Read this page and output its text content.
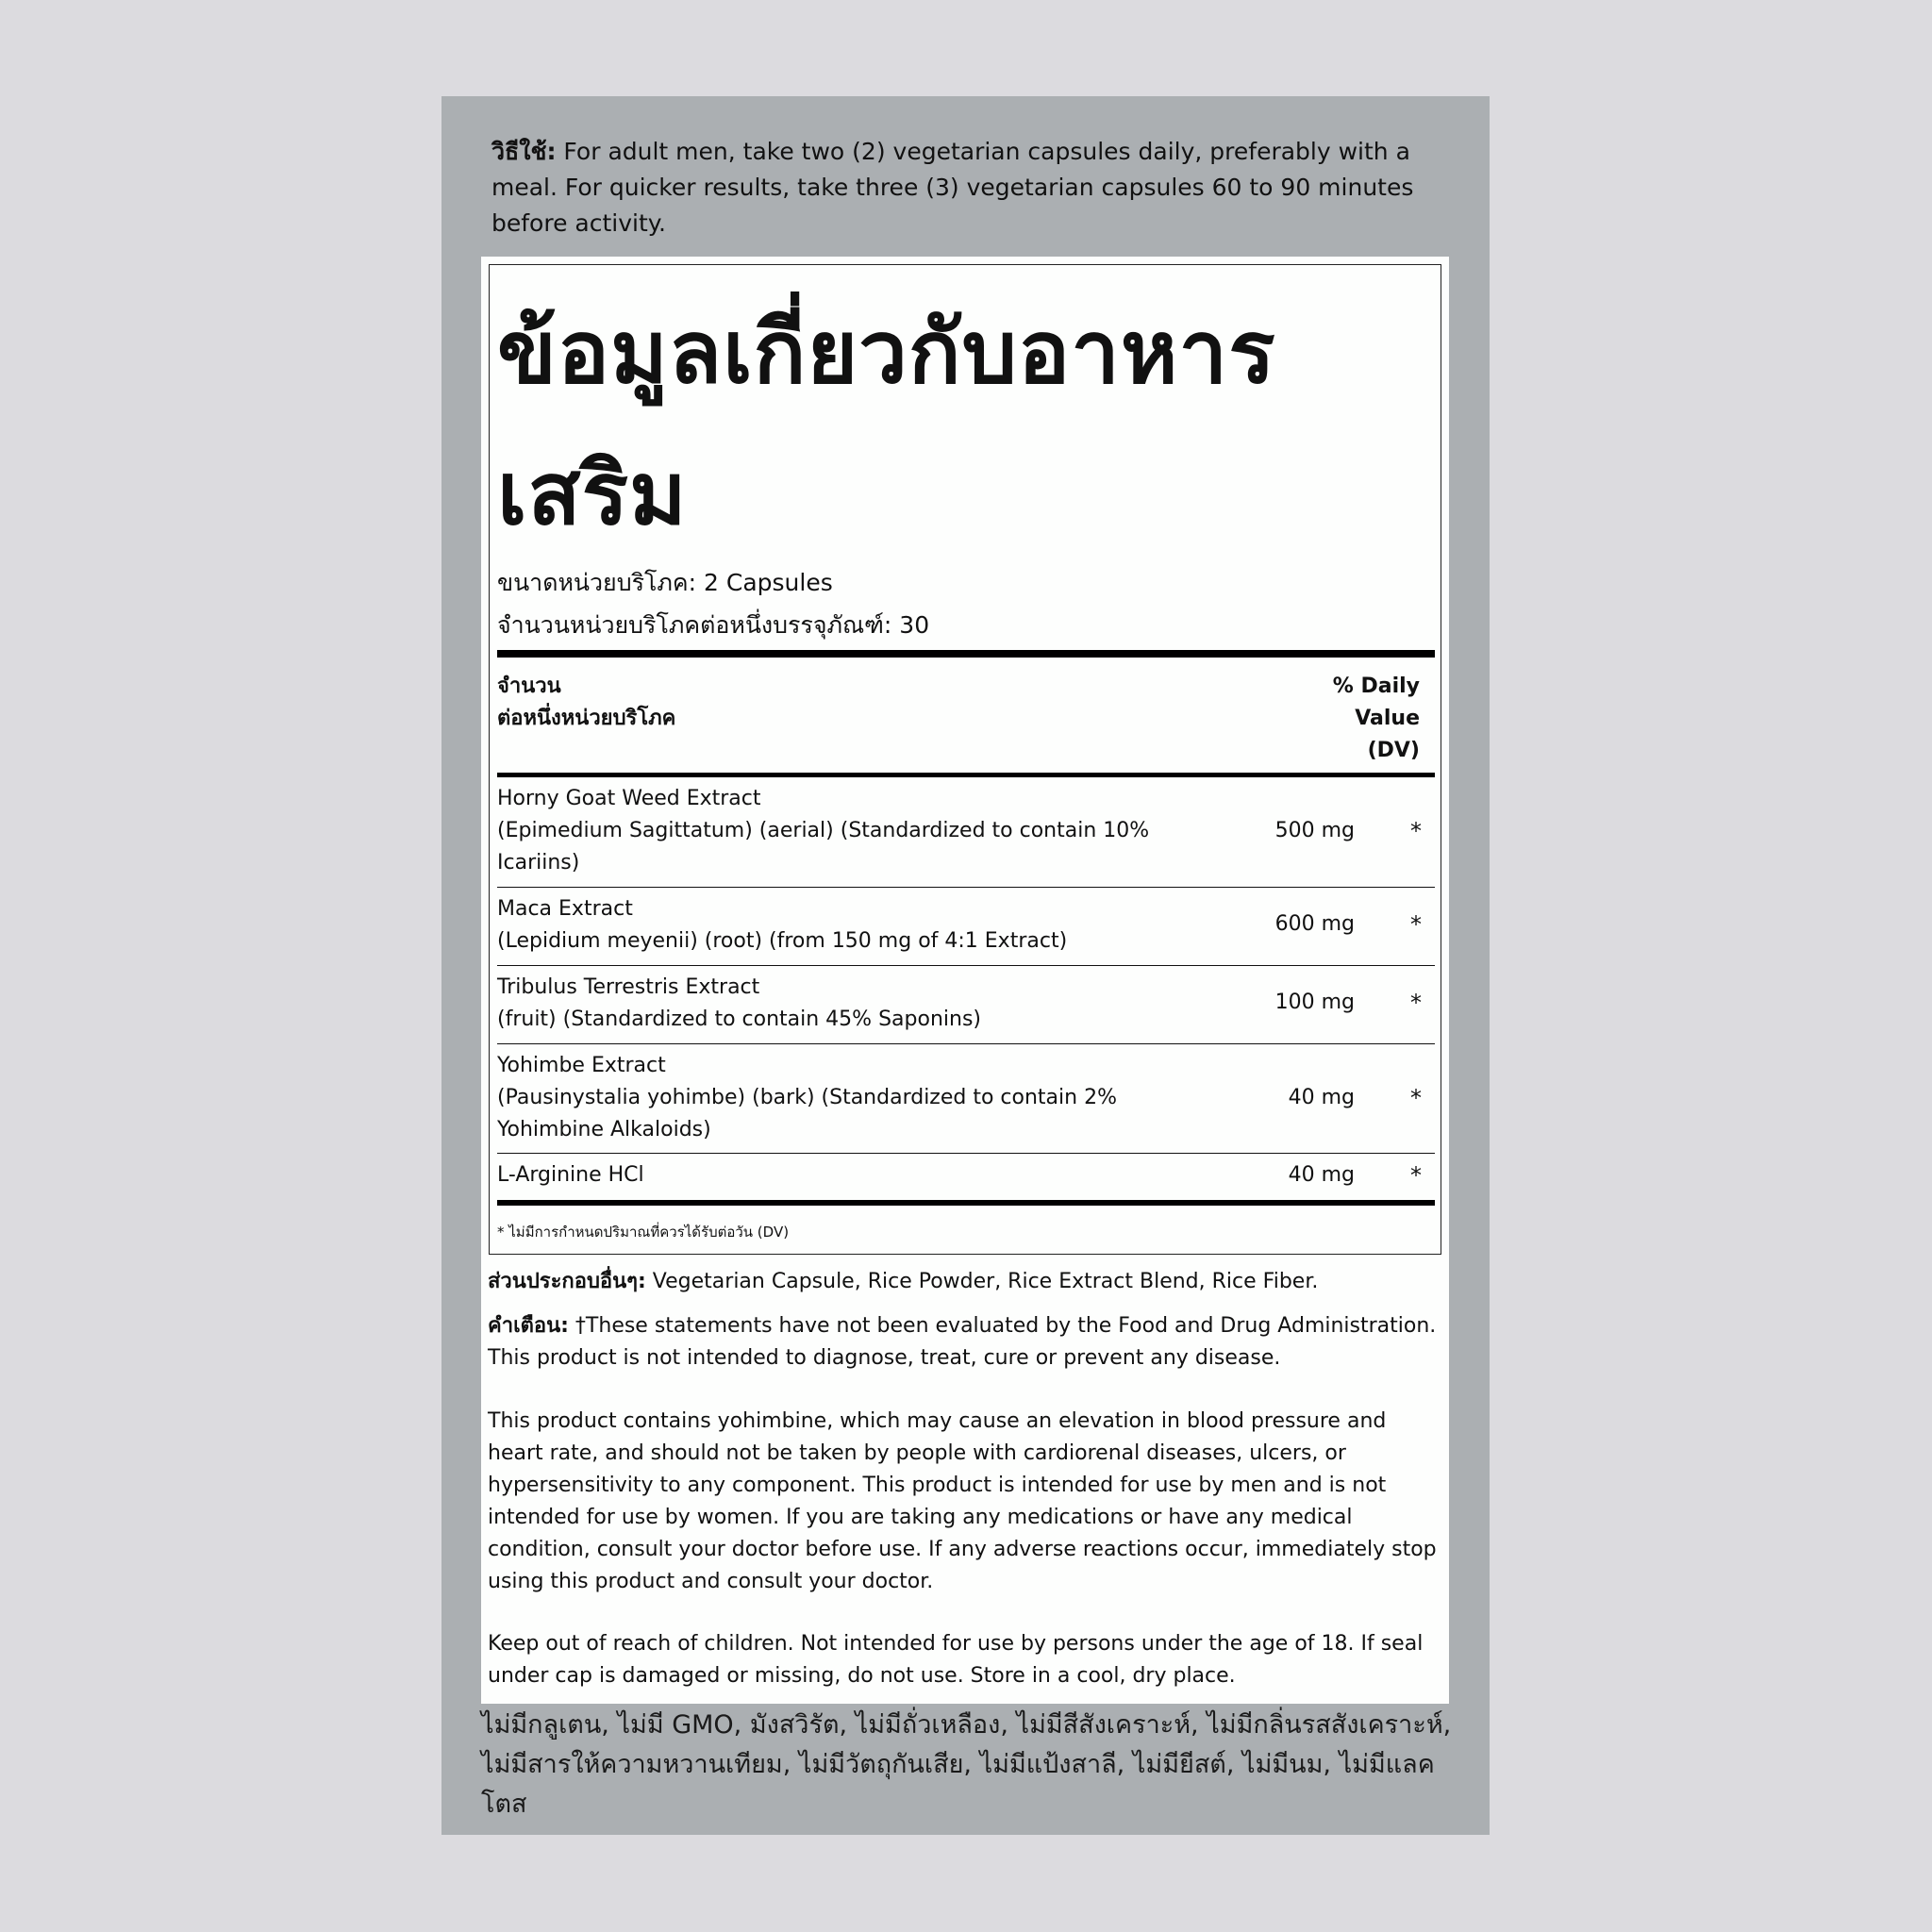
วิธีใช้: For adult men, take two (2) vegetarian capsules daily, preferably with a meal. For quicker results, take three (3) vegetarian capsules 60 to 90 minutes before activity.
ข้อมูลเกี่ยวกับอาหารเสริม
ขนาดหน่วยบริโภค: 2 Capsules
จำนวนหน่วยบริโภคต่อหนึ่งบรรจุภัณฑ์: 30
จำนวน
ต่อหนึ่งหน่วยบริโภค
% Daily
Value
(DV)
Horny Goat Weed Extract
(Epimedium Sagittatum) (aerial) (Standardized to contain 10% Icariins)
500 mg *
Maca Extract
(Lepidium meyenii) (root) (from 150 mg of 4:1 Extract)
600 mg *
Tribulus Terrestris Extract
(fruit) (Standardized to contain 45% Saponins)
100 mg *
Yohimbe Extract
(Pausinystalia yohimbe) (bark) (Standardized to contain 2% Yohimbine Alkaloids)
40 mg *
L-Arginine HCl	40 mg *
* ไม่มีการกำหนดปริมาณที่ควรได้รับต่อวัน (DV)
ส่วนประกอบอื่นๆ: Vegetarian Capsule, Rice Powder, Rice Extract Blend, Rice Fiber.
คำเตือน: †These statements have not been evaluated by the Food and Drug Administration. This product is not intended to diagnose, treat, cure or prevent any disease.
This product contains yohimbine, which may cause an elevation in blood pressure and heart rate, and should not be taken by people with cardiorenal diseases, ulcers, or hypersensitivity to any component. This product is intended for use by men and is not intended for use by women. If you are taking any medications or have any medical condition, consult your doctor before use. If any adverse reactions occur, immediately stop using this product and consult your doctor.
Keep out of reach of children. Not intended for use by persons under the age of 18. If seal under cap is damaged or missing, do not use. Store in a cool, dry place.
ไม่มีกลูเตน, ไม่มี GMO, มังสวิรัต, ไม่มีถั่วเหลือง, ไม่มีสีสังเคราะห์, ไม่มีกลิ่นรสสังเคราะห์, ไม่มีสารให้ความหวานเทียม, ไม่มีวัตถุกันเสีย, ไม่มีแป้งสาลี, ไม่มียีสต์, ไม่มีนม, ไม่มีแลคโตส
